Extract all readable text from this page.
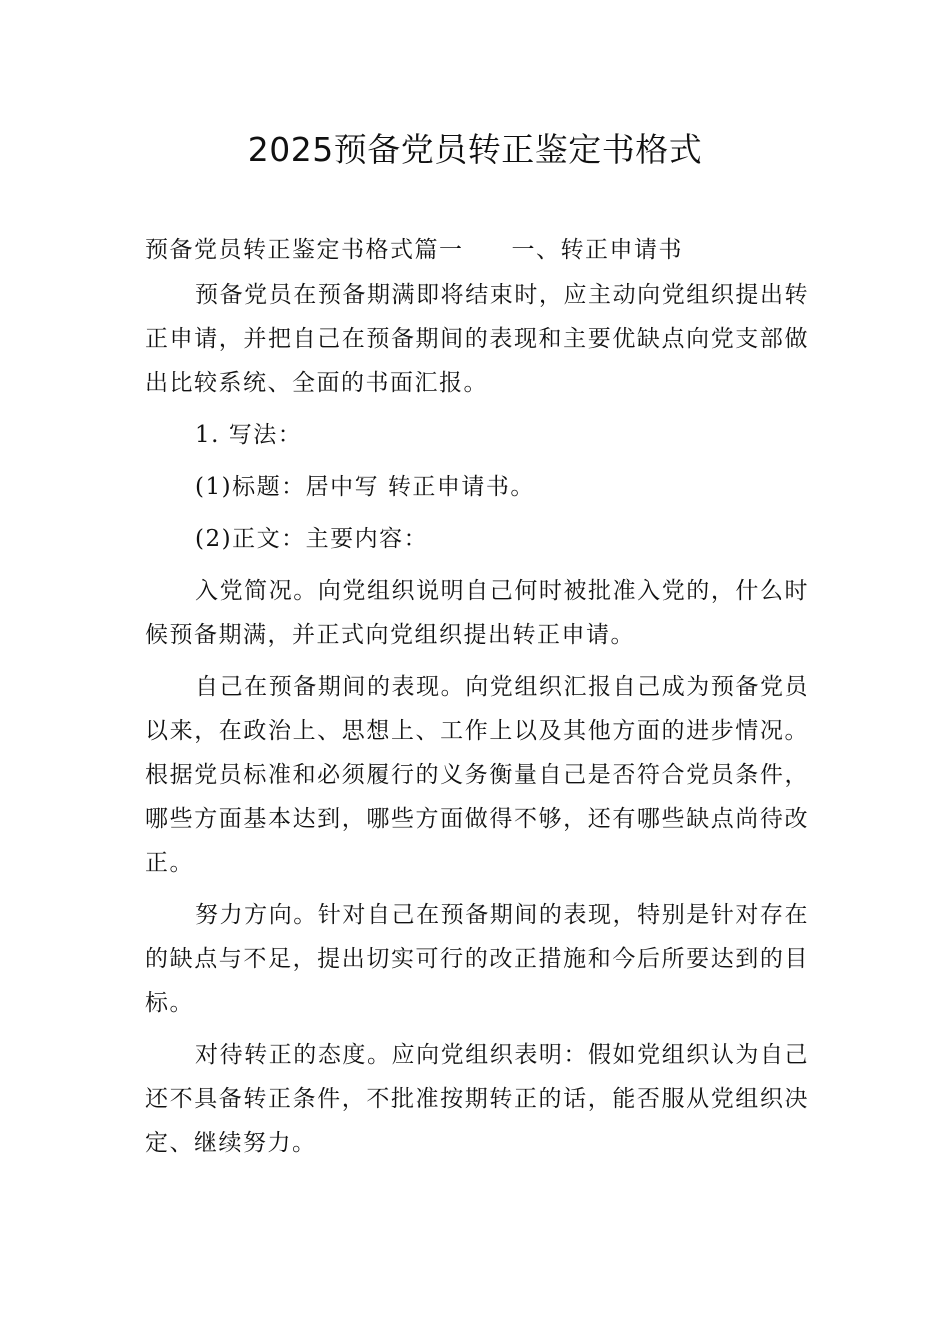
2025预备党员转正鉴定书格式
预备党员转正鉴定书格式篇一 一、转正申请书

预备党员在预备期满即将结束时，应主动向党组织提出转正申请，并把自己在预备期间的表现和主要优缺点向党支部做出比较系统、全面的书面汇报。

1. 写法：

(1)标题：居中写 转正申请书。

(2)正文：主要内容：

入党简况。向党组织说明自己何时被批准入党的，什么时候预备期满，并正式向党组织提出转正申请。

自己在预备期间的表现。向党组织汇报自己成为预备党员以来，在政治上、思想上、工作上以及其他方面的进步情况。根据党员标准和必须履行的义务衡量自己是否符合党员条件，哪些方面基本达到，哪些方面做得不够，还有哪些缺点尚待改正。

努力方向。针对自己在预备期间的表现，特别是针对存在的缺点与不足，提出切实可行的改正措施和今后所要达到的目标。

对待转正的态度。应向党组织表明：假如党组织认为自己还不具备转正条件，不批准按期转正的话，能否服从党组织决定、继续努力。
